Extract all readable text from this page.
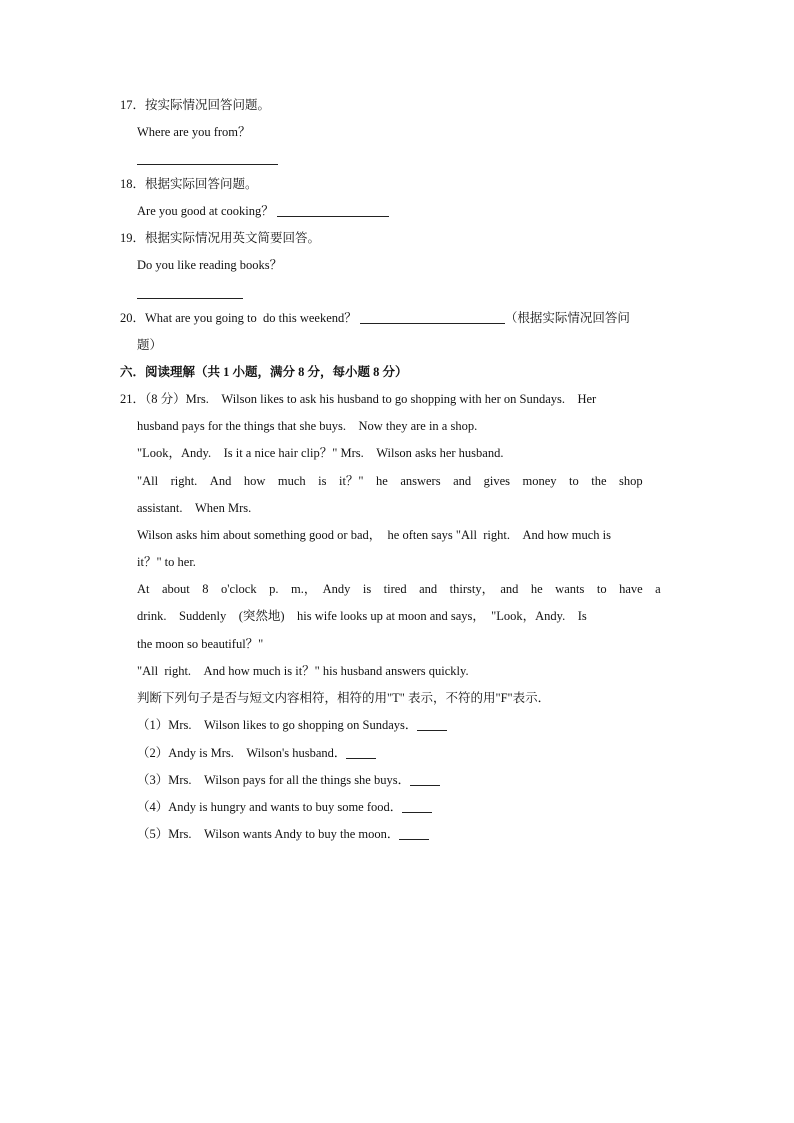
17．按实际情况回答问题。
Where are you from？
18．根据实际回答问题。
Are you good at cooking？
19．根据实际情况用英文简要回答。
Do you like reading books？
20．What are you going to  do this weekend？	（根据实际情况回答问
题）
六．阅读理解（共 1 小题，满分 8 分，每小题 8 分）
21．（8 分）Mrs.　Wilson likes to ask his husband to go shopping with her on Sundays.　Her
husband pays for the things that she buys.　Now they are in a shop.
"Look，Andy.　Is it a nice hair clip？" Mrs.　Wilson asks her husband.
"All　right.　And　how　much　is　it？"　he　answers　and　gives　money　to　the　shop
assistant.　When Mrs.
Wilson asks him about something good or bad，  he often says "All  right.　And how much is
it？" to her.
At　about　8　o'clock　p.　m.，　Andy　is　tired　and　thirsty，　and　he　wants　to　have　a
drink.　Suddenly　(突然地)　his wife looks up at moon and says，  "Look，Andy.　Is
the moon so beautiful？"
"All  right.　And how much is it？" his husband answers quickly.
判断下列句子是否与短文内容相符，相符的用"T" 表示，不符的用"F"表示．
（1）Mrs.　Wilson likes to go shopping on Sundays．
（2）Andy is Mrs.　Wilson's husband．
（3）Mrs.　Wilson pays for all the things she buys．
（4）Andy is hungry and wants to buy some food．
（5）Mrs.　Wilson wants Andy to buy the moon．
